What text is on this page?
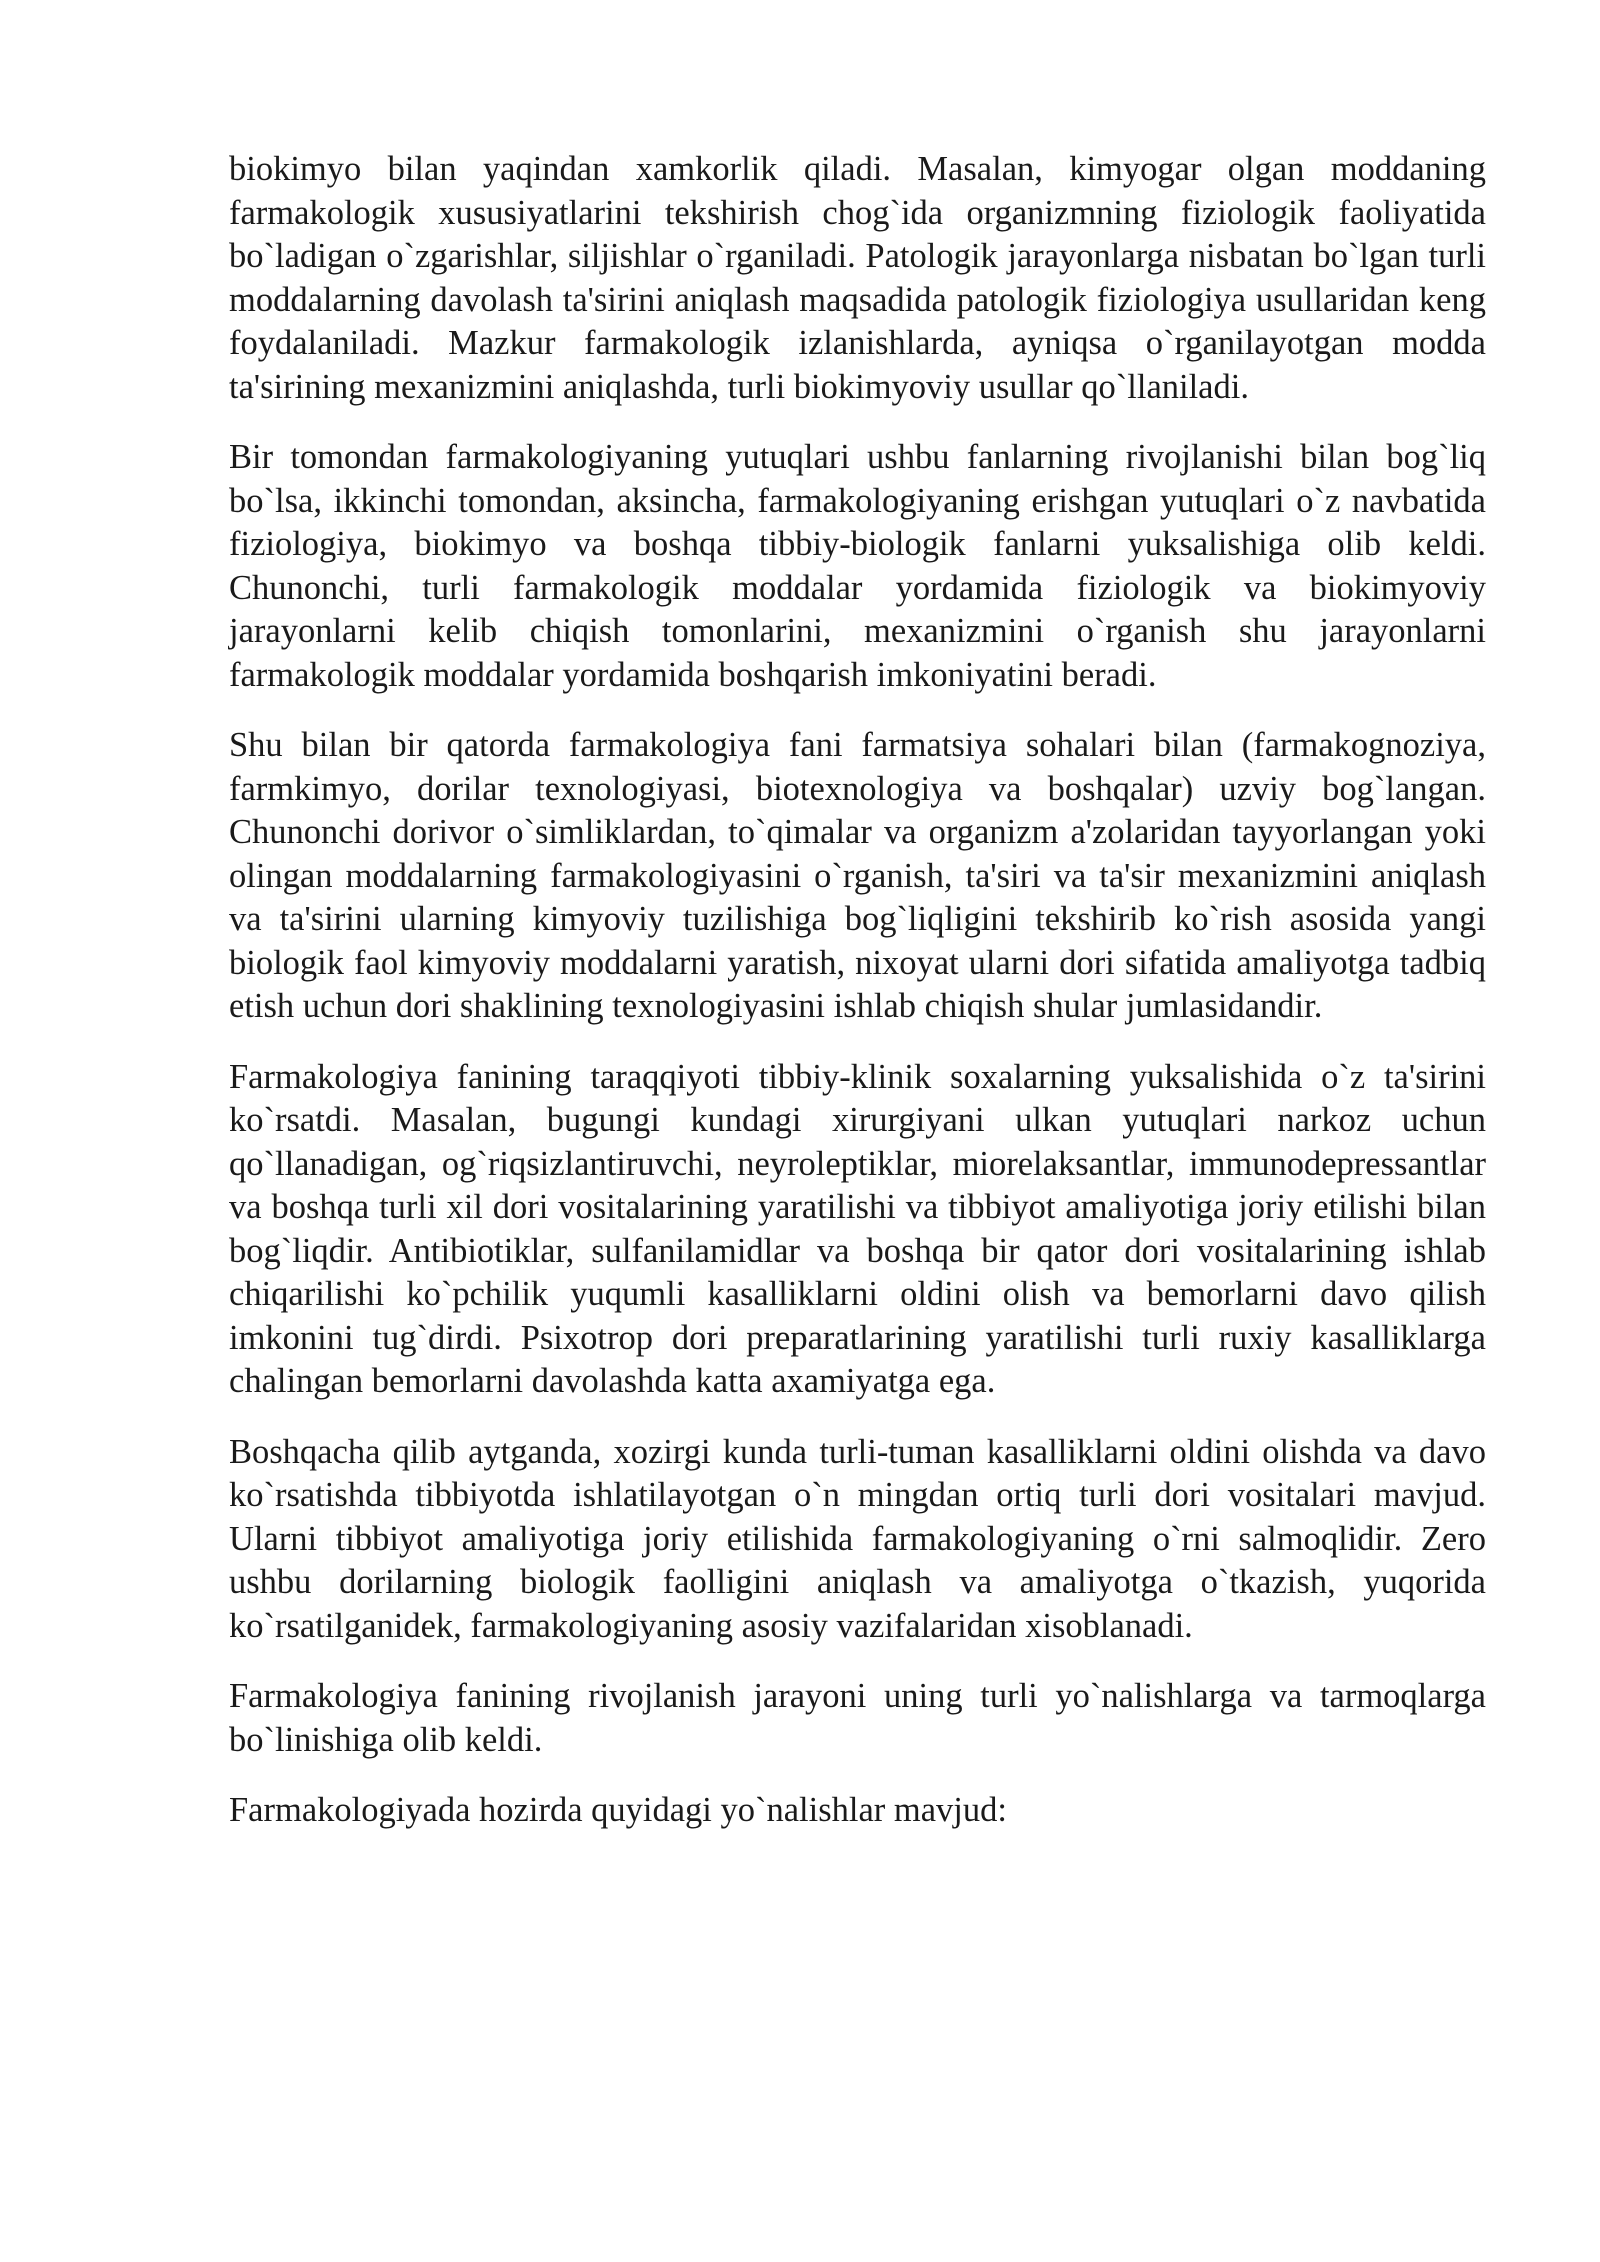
biokimyo bilan yaqindan xamkorlik qiladi. Masalan, kimyogar olgan moddaning farmakologik xususiyatlarini tekshirish chog`ida organizmning fiziologik faoliyatida bo`ladigan o`zgarishlar, siljishlar o`rganiladi. Patologik jarayonlarga nisbatan bo`lgan turli moddalarning davolash ta'sirini aniqlash maqsadida patologik fiziologiya usullaridan keng foydalaniladi. Mazkur farmakologik izlanishlarda, ayniqsa o`rganilayotgan modda ta'sirining mexanizmini aniqlashda, turli biokimyoviy usullar qo`llaniladi.

Bir tomondan farmakologiyaning yutuqlari ushbu fanlarning rivojlanishi bilan bog`liq bo`lsa, ikkinchi tomondan, aksincha, farmakologiyaning erishgan yutuqlari o`z navbatida fiziologiya, biokimyo va boshqa tibbiy-biologik fanlarni yuksalishiga olib keldi. Chunonchi, turli farmakologik moddalar yordamida fiziologik va biokimyoviy jarayonlarni kelib chiqish tomonlarini, mexanizmini o`rganish shu jarayonlarni farmakologik moddalar yordamida boshqarish imkoniyatini beradi.

Shu bilan bir qatorda farmakologiya fani farmatsiya sohalari bilan (farmakognoziya, farmkimyo, dorilar texnologiyasi, biotexnologiya va boshqalar) uzviy bog`langan. Chunonchi dorivor o`simliklardan, to`qimalar va organizm a'zolaridan tayyorlangan yoki olingan moddalarning farmakologiyasini o`rganish, ta'siri va ta'sir mexanizmini aniqlash va ta'sirini ularning kimyoviy tuzilishiga bog`liqligini tekshirib ko`rish asosida yangi biologik faol kimyoviy moddalarni yaratish, nixoyat ularni dori sifatida amaliyotga tadbiq etish uchun dori shaklining texnologiyasini ishlab chiqish shular jumlasidandir.

Farmakologiya fanining taraqqiyoti tibbiy-klinik soxalarning yuksalishida o`z ta'sirini ko`rsatdi. Masalan, bugungi kundagi xirurgiyani ulkan yutuqlari narkoz uchun qo`llanadigan, og`riqsizlantiruvchi, neyroleptiklar, miorelaksantlar, immunodepressantlar va boshqa turli xil dori vositalarining yaratilishi va tibbiyot amaliyotiga joriy etilishi bilan bog`liqdir. Antibiotiklar, sulfanilamidlar va boshqa bir qator dori vositalarining ishlab chiqarilishi ko`pchilik yuqumli kasalliklarni oldini olish va bemorlarni davo qilish imkonini tug`dirdi. Psixotrop dori preparatlarining yaratilishi turli ruxiy kasalliklarga chalingan bemorlarni davolashda katta axamiyatga ega.

Boshqacha qilib aytganda, xozirgi kunda turli-tuman kasalliklarni oldini olishda va davo ko`rsatishda tibbiyotda ishlatilayotgan o`n mingdan ortiq turli dori vositalari mavjud. Ularni tibbiyot amaliyotiga joriy etilishida farmakologiyaning o`rni salmoqlidir. Zero ushbu dorilarning biologik faolligini aniqlash va amaliyotga o`tkazish, yuqorida ko`rsatilganidek, farmakologiyaning asosiy vazifalaridan xisoblanadi.

Farmakologiya fanining rivojlanish jarayoni uning turli yo`nalishlarga va tarmoqlarga bo`linishiga olib keldi.

Farmakologiyada hozirda quyidagi yo`nalishlar mavjud:
